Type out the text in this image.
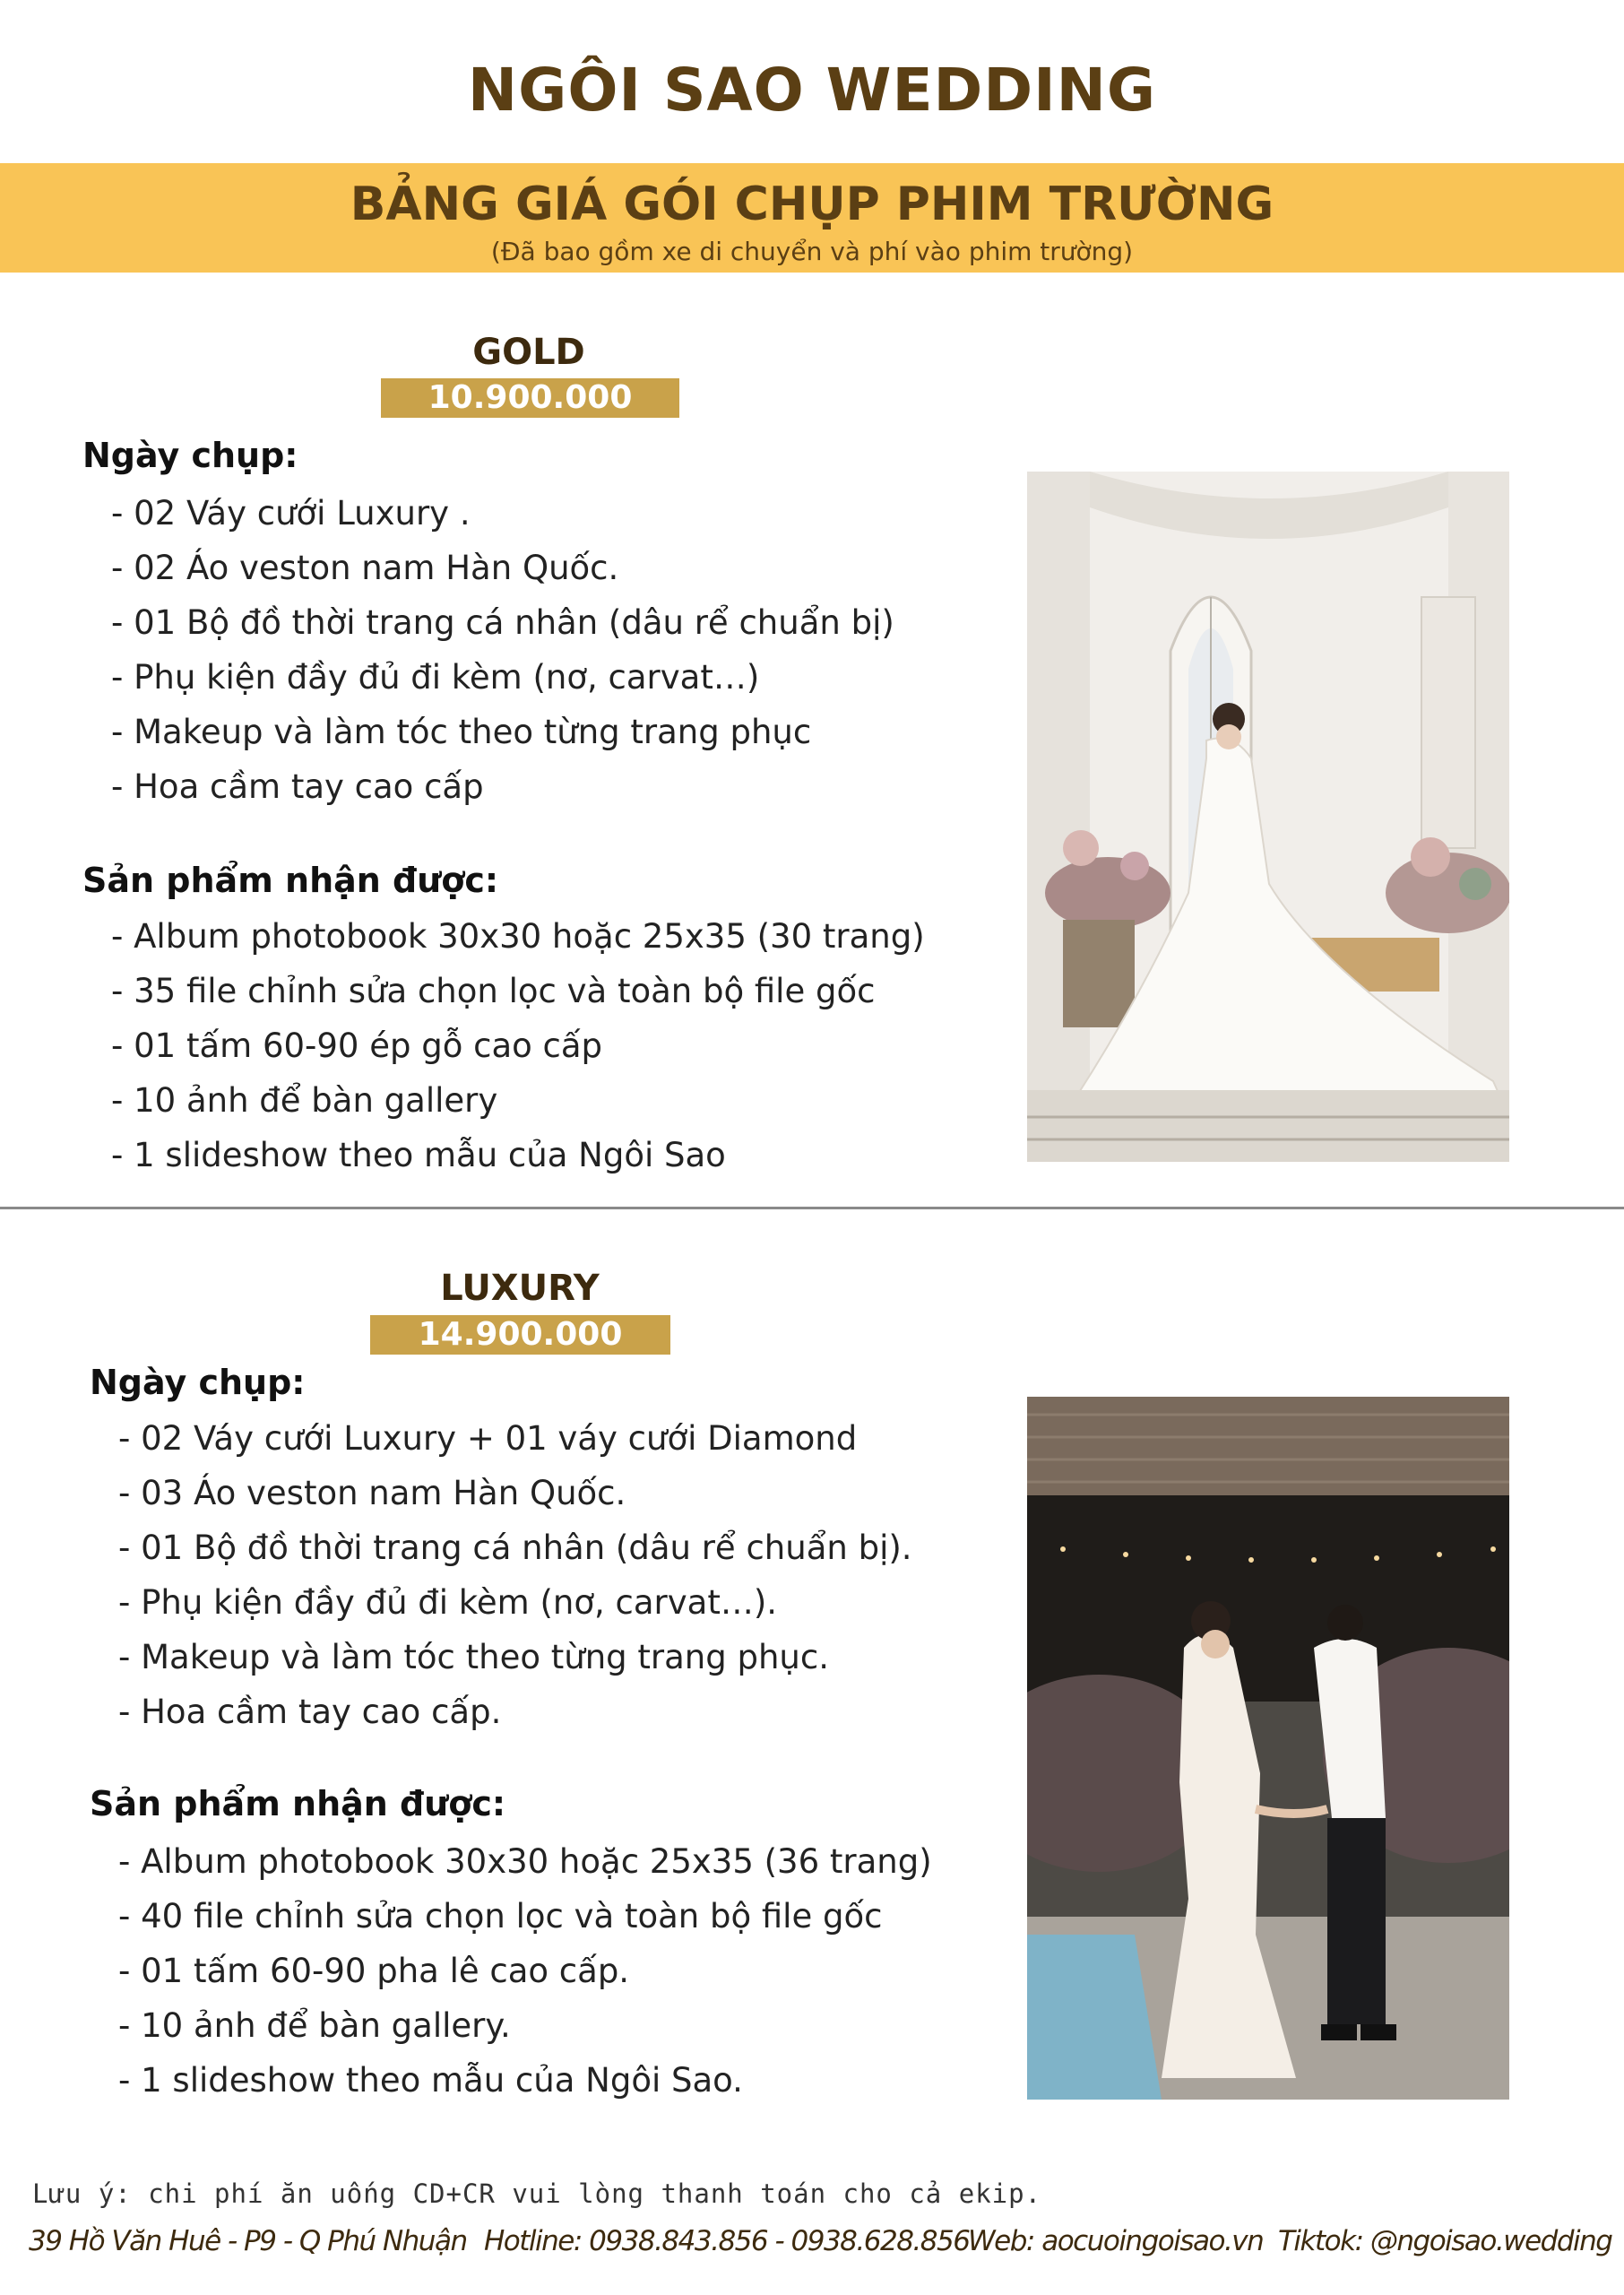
NGÔI SAO WEDDING
BẢNG GIÁ GÓI CHỤP PHIM TRƯỜNG
(Đã bao gồm xe di chuyển và phí vào phim trường)
GOLD
10.900.000
Ngày chụp:
- 02 Váy cưới Luxury .
- 02 Áo veston nam Hàn Quốc.
- 01 Bộ đồ thời trang cá nhân (dâu rể chuẩn bị)
- Phụ kiện đầy đủ đi kèm (nơ, carvat…)
- Makeup và làm tóc theo từng trang phục
- Hoa cầm tay cao cấp
Sản phẩm nhận được:
- Album photobook 30x30 hoặc 25x35 (30 trang)
- 35 file chỉnh sửa chọn lọc và toàn bộ file gốc
- 01 tấm 60-90 ép gỗ cao cấp
- 10 ảnh để bàn gallery
- 1 slideshow theo mẫu của Ngôi Sao
LUXURY
14.900.000
Ngày chụp:
- 02 Váy cưới Luxury + 01 váy cưới Diamond
- 03 Áo veston nam Hàn Quốc.
- 01 Bộ đồ thời trang cá nhân (dâu rể chuẩn bị).
- Phụ kiện đầy đủ đi kèm (nơ, carvat…).
- Makeup và làm tóc theo từng trang phục.
- Hoa cầm tay cao cấp.
Sản phẩm nhận được:
- Album photobook 30x30 hoặc 25x35 (36 trang)
- 40 file chỉnh sửa chọn lọc và toàn bộ file gốc
- 01 tấm 60-90 pha lê cao cấp.
- 10 ảnh để bàn gallery.
- 1 slideshow theo mẫu của Ngôi Sao.
Lưu ý: chi phí ăn uống CD+CR vui lòng thanh toán cho cả ekip.
39 Hồ Văn Huê - P9 - Q Phú Nhuận Hotline: 0938.843.856 - 0938.628.856
Web: aocuoingoisao.vn Tiktok: @ngoisao.wedding
